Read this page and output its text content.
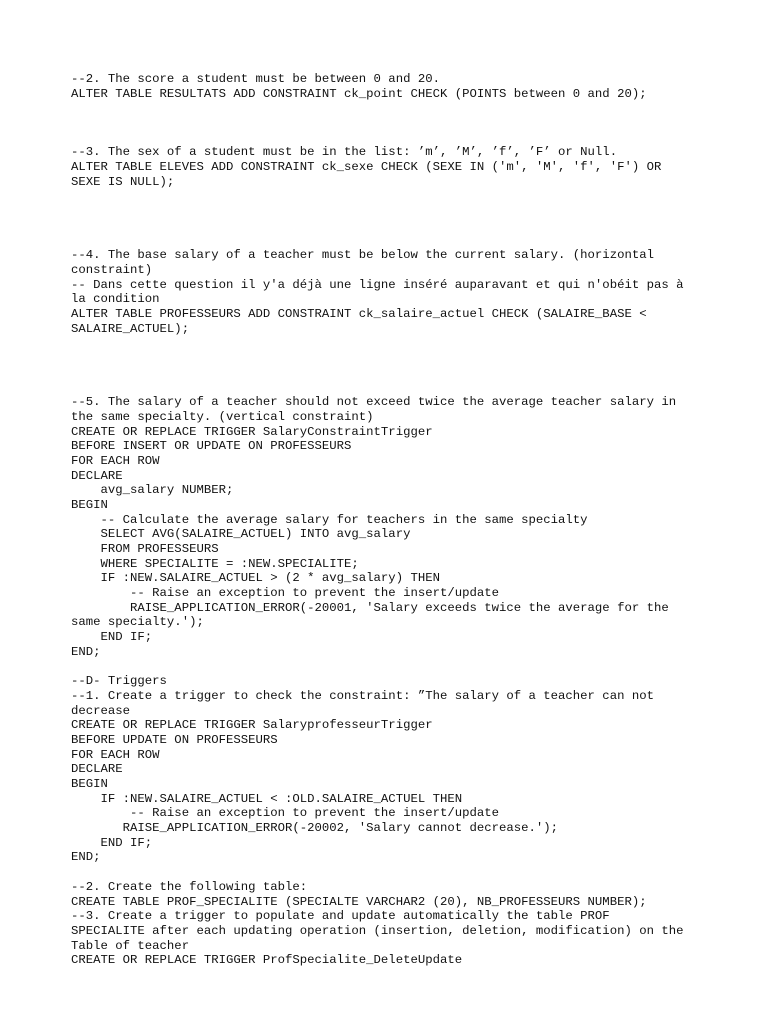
--2. The score a student must be between 0 and 20.
ALTER TABLE RESULTATS ADD CONSTRAINT ck_point CHECK (POINTS between 0 and 20);
--3. The sex of a student must be in the list: ’m’, ’M’, ’f’, ’F’ or Null.
ALTER TABLE ELEVES ADD CONSTRAINT ck_sexe CHECK (SEXE IN ('m', 'M', 'f', 'F') OR
SEXE IS NULL);
--4. The base salary of a teacher must be below the current salary. (horizontal
constraint)
-- Dans cette question il y'a déjà une ligne inséré auparavant et qui n'obéit pas à
la condition
ALTER TABLE PROFESSEURS ADD CONSTRAINT ck_salaire_actuel CHECK (SALAIRE_BASE <
SALAIRE_ACTUEL);
--5. The salary of a teacher should not exceed twice the average teacher salary in
the same specialty. (vertical constraint)
CREATE OR REPLACE TRIGGER SalaryConstraintTrigger
BEFORE INSERT OR UPDATE ON PROFESSEURS
FOR EACH ROW
DECLARE
avg_salary NUMBER;
BEGIN
-- Calculate the average salary for teachers in the same specialty
SELECT AVG(SALAIRE_ACTUEL) INTO avg_salary
FROM PROFESSEURS
WHERE SPECIALITE = :NEW.SPECIALITE;
IF :NEW.SALAIRE_ACTUEL > (2 * avg_salary) THEN
-- Raise an exception to prevent the insert/update
RAISE_APPLICATION_ERROR(-20001, 'Salary exceeds twice the average for the
same specialty.');
END IF;
END;
--D- Triggers
--1. Create a trigger to check the constraint: ”The salary of a teacher can not
decrease
CREATE OR REPLACE TRIGGER SalaryprofesseurTrigger
BEFORE UPDATE ON PROFESSEURS
FOR EACH ROW
DECLARE
BEGIN
IF :NEW.SALAIRE_ACTUEL < :OLD.SALAIRE_ACTUEL THEN
-- Raise an exception to prevent the insert/update
RAISE_APPLICATION_ERROR(-20002, 'Salary cannot decrease.');
END IF;
END;
--2. Create the following table:
CREATE TABLE PROF_SPECIALITE (SPECIALTE VARCHAR2 (20), NB_PROFESSEURS NUMBER);
--3. Create a trigger to populate and update automatically the table PROF
SPECIALITE after each updating operation (insertion, deletion, modification) on the
Table of teacher
CREATE OR REPLACE TRIGGER ProfSpecialite_DeleteUpdate
